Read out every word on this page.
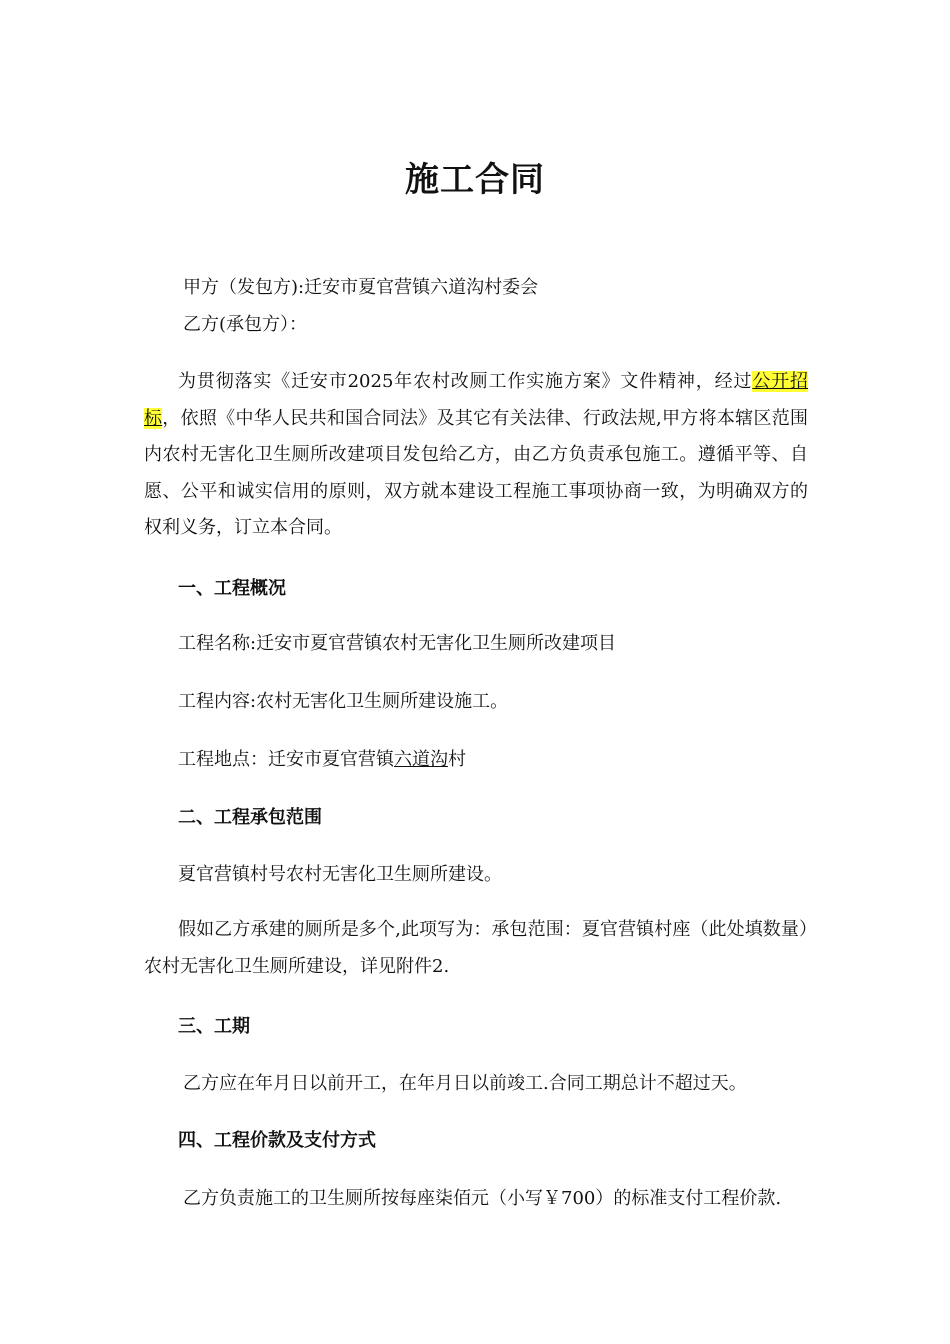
施工合同
甲方（发包方):迁安市夏官营镇六道沟村委会
乙方(承包方）：
为贯彻落实《迁安市2025年农村改厕工作实施方案》文件精神，经过公开招标，依照《中华人民共和国合同法》及其它有关法律、行政法规,甲方将本辖区范围内农村无害化卫生厕所改建项目发包给乙方，由乙方负责承包施工。遵循平等、自愿、公平和诚实信用的原则，双方就本建设工程施工事项协商一致，为明确双方的权利义务，订立本合同。
一、工程概况
工程名称:迁安市夏官营镇农村无害化卫生厕所改建项目
工程内容:农村无害化卫生厕所建设施工。
工程地点：迁安市夏官营镇六道沟村
二、工程承包范围
夏官营镇村号农村无害化卫生厕所建设。
假如乙方承建的厕所是多个,此项写为：承包范围：夏官营镇村座（此处填数量）农村无害化卫生厕所建设，详见附件2.
三、工期
乙方应在年月日以前开工，在年月日以前竣工.合同工期总计不超过天。
四、工程价款及支付方式
乙方负责施工的卫生厕所按每座柒佰元（小写￥700）的标准支付工程价款.
